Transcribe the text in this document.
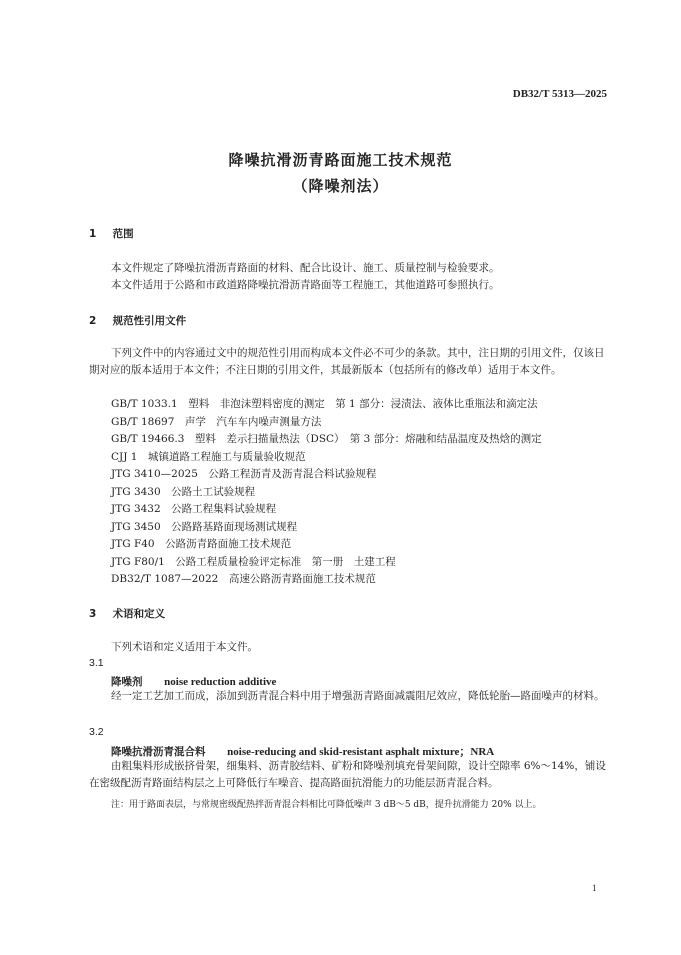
DB32/T 5313—2025
降噪抗滑沥青路面施工技术规范
（降噪剂法）
1 范围
本文件规定了降噪抗滑沥青路面的材料、配合比设计、施工、质量控制与检验要求。
本文件适用于公路和市政道路降噪抗滑沥青路面等工程施工，其他道路可参照执行。
2 规范性引用文件
下列文件中的内容通过文中的规范性引用而构成本文件必不可少的条款。其中，注日期的引用文件，仅该日期对应的版本适用于本文件；不注日期的引用文件，其最新版本（包括所有的修改单）适用于本文件。
GB/T 1033.1　塑料　非泡沫塑料密度的测定　第 1 部分：浸渍法、液体比重瓶法和滴定法
GB/T 18697　声学　汽车车内噪声测量方法
GB/T 19466.3　塑料　差示扫描量热法（DSC）　第 3 部分：熔融和结晶温度及热焓的测定
CJJ 1　城镇道路工程施工与质量验收规范
JTG 3410—2025　公路工程沥青及沥青混合料试验规程
JTG 3430　公路土工试验规程
JTG 3432　公路工程集料试验规程
JTG 3450　公路路基路面现场测试规程
JTG F40　公路沥青路面施工技术规范
JTG F80/1　公路工程质量检验评定标准　第一册　土建工程
DB32/T 1087—2022　高速公路沥青路面施工技术规范
3 术语和定义
下列术语和定义适用于本文件。
3.1
降噪剂 noise reduction additive
经一定工艺加工而成，添加到沥青混合料中用于增强沥青路面减震阻尼效应，降低轮胎—路面噪声的材料。
3.2
降噪抗滑沥青混合料 noise-reducing and skid-resistant asphalt mixture；NRA
由粗集料形成嵌挤骨架，细集料、沥青胶结料、矿粉和降噪剂填充骨架间隙，设计空隙率 6%～14%，铺设在密级配沥青路面结构层之上可降低行车噪音、提高路面抗滑能力的功能层沥青混合料。
注：用于路面表层，与常规密级配热拌沥青混合料相比可降低噪声 3 dB～5 dB，提升抗滑能力 20% 以上。
1
